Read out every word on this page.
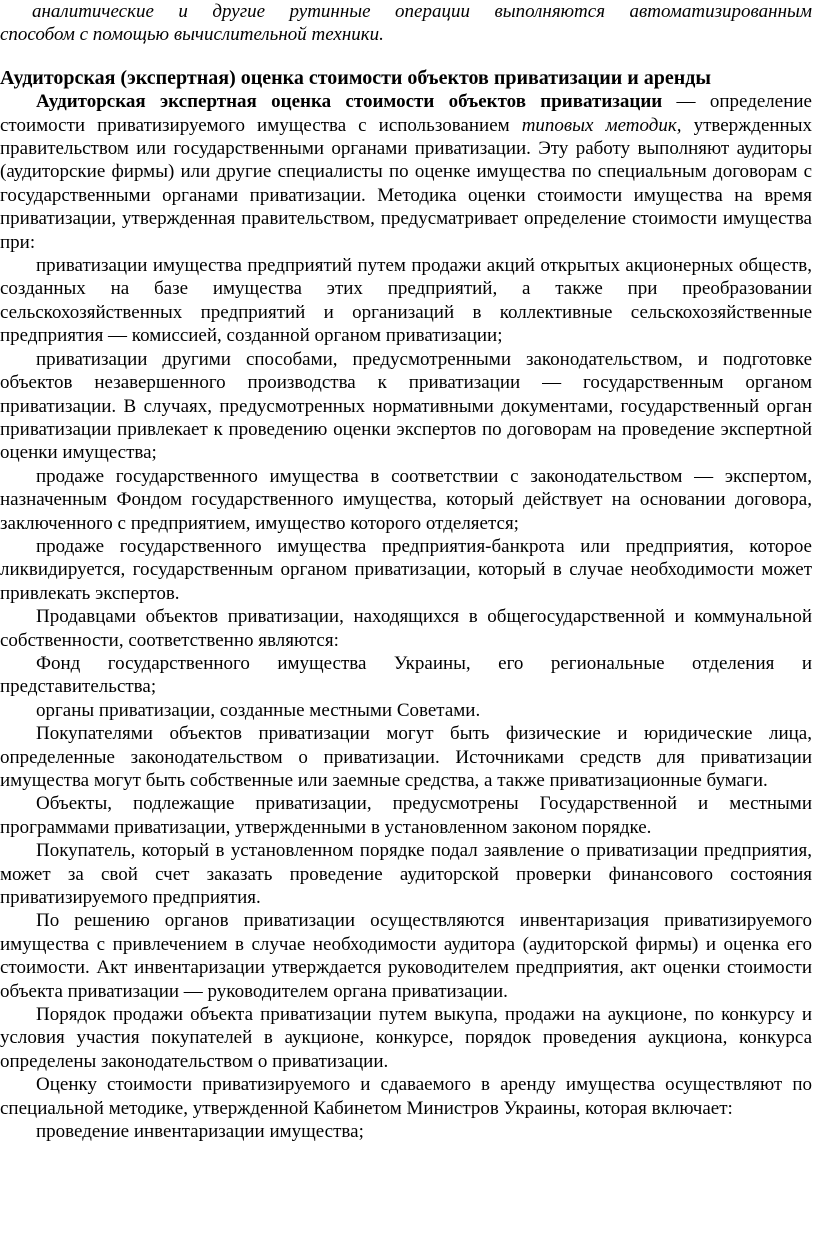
аналитические и другие рутинные операции выполняются автоматизированным

способом с помощью вычислительной техники.

Аудиторская (экспертная) оценка стоимости объектов приватизации и аренды

Аудиторская экспертная оценка стоимости объектов приватизации — определение стоимости приватизируемого имущества с использованием типовых методик, утвержденных правительством или государственными органами приватизации. Эту работу выполняют аудиторы (аудиторские фирмы) или другие специалисты по оценке имущества по специальным договорам с государственными органами приватизации. Методика оценки стоимости имущества на время приватизации, утвержденная правительством, предусматривает определение стоимости имущества при:

приватизации имущества предприятий путем продажи акций открытых акционерных обществ, созданных на базе имущества этих предприятий, а также при преобразовании сельскохозяйственных предприятий и организаций в коллективные сельскохозяйственные предприятия — комиссией, созданной органом приватизации;

приватизации другими способами, предусмотренными законодательством, и подготовке объектов незавершенного производства к приватизации — государственным органом приватизации. В случаях, предусмотренных нормативными документами, государственный орган приватизации привлекает к проведению оценки экспертов по договорам на проведение экспертной оценки имущества;

продаже государственного имущества в соответствии с законодательством — экспертом, назначенным Фондом государственного имущества, который действует на основании договора, заключенного с предприятием, имущество которого отделяется;

продаже государственного имущества предприятия-банкрота или предприятия, которое ликвидируется, государственным органом приватизации, который в случае необходимости может привлекать экспертов.

Продавцами объектов приватизации, находящихся в общегосударственной и коммунальной собственности, соответственно являются:

Фонд государственного имущества Украины, его региональные отделения и представительства;

органы приватизации, созданные местными Советами.

Покупателями объектов приватизации могут быть физические и юридические лица, определенные законодательством о приватизации. Источниками средств для приватизации имущества могут быть собственные или заемные средства, а также приватизационные бумаги.

Объекты, подлежащие приватизации, предусмотрены Государственной и местными программами приватизации, утвержденными в установленном законом порядке.

Покупатель, который в установленном порядке подал заявление о приватизации предприятия, может за свой счет заказать проведение аудиторской проверки финансового состояния приватизируемого предприятия.

По решению органов приватизации осуществляются инвентаризация приватизируемого имущества с привлечением в случае необходимости аудитора (аудиторской фирмы) и оценка его стоимости. Акт инвентаризации утверждается руководителем предприятия, акт оценки стоимости объекта приватизации — руководителем органа приватизации.

Порядок продажи объекта приватизации путем выкупа, продажи на аукционе, по конкурсу и условия участия покупателей в аукционе, конкурсе, порядок проведения аукциона, конкурса определены законодательством о приватизации.

Оценку стоимости приватизируемого и сдаваемого в аренду имущества осуществляют по специальной методике, утвержденной Кабинетом Министров Украины, которая включает:

проведение инвентаризации имущества;
